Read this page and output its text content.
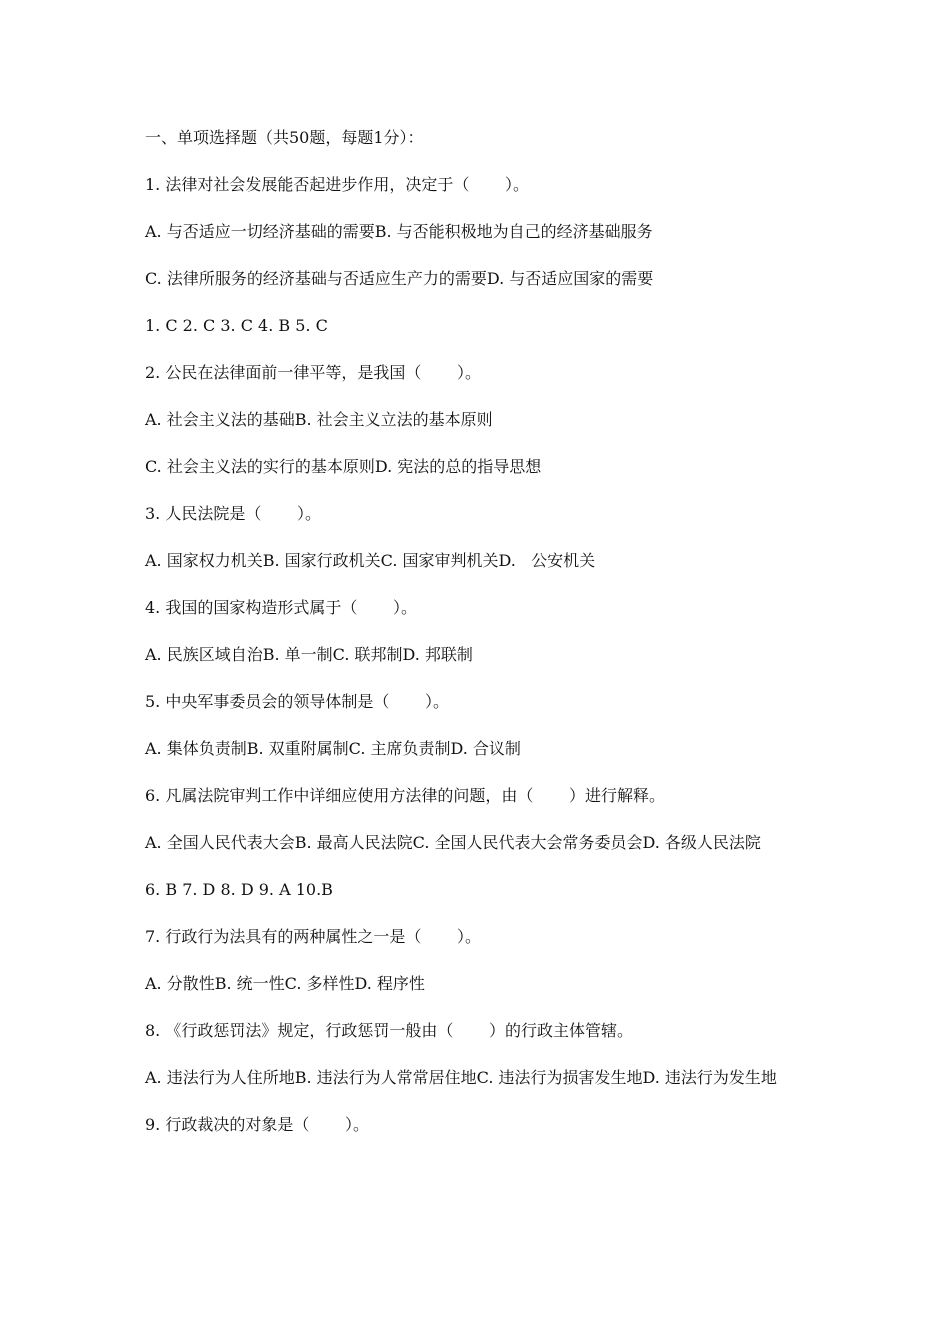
一、单项选择题（共50题，每题1分）：
1. 法律对社会发展能否起进步作用，决定于（       ）。
A. 与否适应一切经济基础的需要B. 与否能积极地为自己的经济基础服务
C. 法律所服务的经济基础与否适应生产力的需要D. 与否适应国家的需要
1. C 2. C 3. C 4. B 5. C
2. 公民在法律面前一律平等，是我国（       ）。
A. 社会主义法的基础B. 社会主义立法的基本原则
C. 社会主义法的实行的基本原则D. 宪法的总的指导思想
3. 人民法院是（       ）。
A. 国家权力机关B. 国家行政机关C. 国家审判机关D.   公安机关
4. 我国的国家构造形式属于（       ）。
A. 民族区域自治B. 单一制C. 联邦制D. 邦联制
5. 中央军事委员会的领导体制是（       ）。
A. 集体负责制B. 双重附属制C. 主席负责制D. 合议制
6. 凡属法院审判工作中详细应使用方法律的问题，由（       ）进行解释。
A. 全国人民代表大会B. 最高人民法院C. 全国人民代表大会常务委员会D. 各级人民法院
6. B 7. D 8. D 9. A 10.B
7. 行政行为法具有的两种属性之一是（       ）。
A. 分散性B. 统一性C. 多样性D. 程序性
8. 《行政惩罚法》规定，行政惩罚一般由（       ）的行政主体管辖。
A. 违法行为人住所地B. 违法行为人常常居住地C. 违法行为损害发生地D. 违法行为发生地
9. 行政裁决的对象是（       ）。
